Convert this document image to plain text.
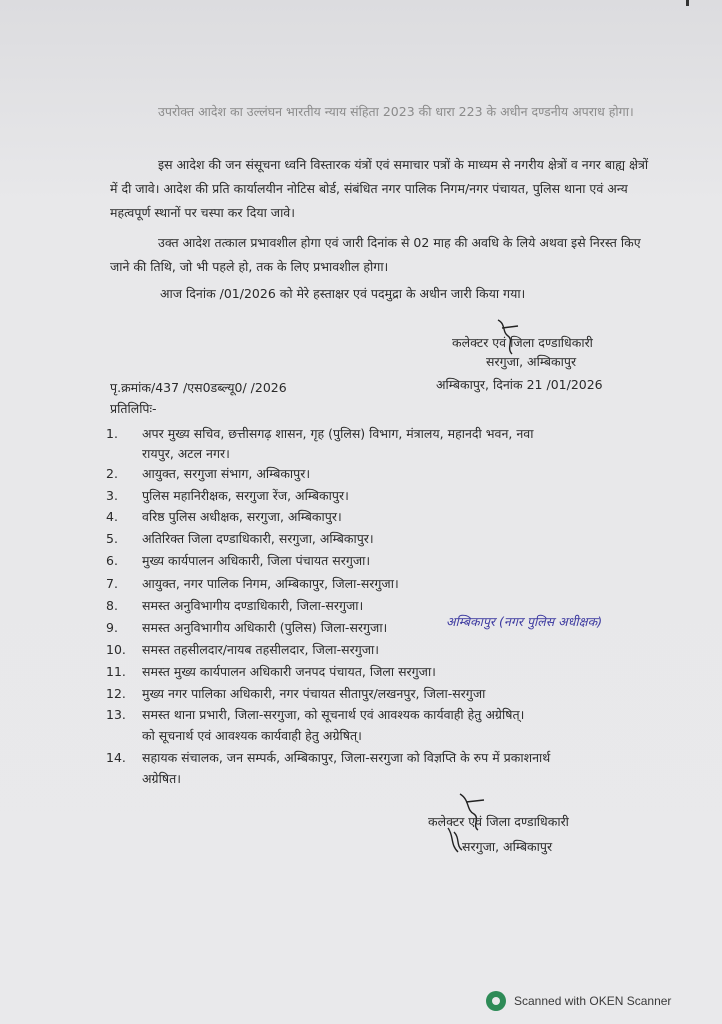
उपरोक्त आदेश का उल्लंघन भारतीय न्याय संहिता 2023 की धारा 223 के अधीन दण्डनीय अपराध होगा।
इस आदेश की जन संसूचना ध्वनि विस्तारक यंत्रों एवं समाचार पत्रों के माध्यम से नगरीय क्षेत्रों व नगर बाह्य क्षेत्रों में दी जावे। आदेश की प्रति कार्यालयीन नोटिस बोर्ड, संबंधित नगर पालिक निगम/नगर पंचायत, पुलिस थाना एवं अन्य महत्वपूर्ण स्थानों पर चस्पा कर दिया जावे।
उक्त आदेश तत्काल प्रभावशील होगा एवं जारी दिनांक से 02 माह की अवधि के लिये अथवा इसे निरस्त किए जाने की तिथि, जो भी पहले हो, तक के लिए प्रभावशील होगा।
आज दिनांक /01/2026 को मेरे हस्ताक्षर एवं पदमुद्रा के अधीन जारी किया गया।
कलेक्टर एवं जिला दण्डाधिकारी
सरगुजा, अम्बिकापुर
पृ.क्रमांक/437 /एस0डब्ल्यू0/ /2026	अम्बिकापुर, दिनांक 21 /01/2026
प्रतिलिपिः-
1.	अपर मुख्य सचिव, छत्तीसगढ़ शासन, गृह (पुलिस) विभाग, मंत्रालय, महानदी भवन, नवा
रायपुर, अटल नगर।
2.	आयुक्त, सरगुजा संभाग, अम्बिकापुर।
3.	पुलिस महानिरीक्षक, सरगुजा रेंज, अम्बिकापुर।
4.	वरिष्ठ पुलिस अधीक्षक, सरगुजा, अम्बिकापुर।
5.	अतिरिक्त जिला दण्डाधिकारी, सरगुजा, अम्बिकापुर।
6.	मुख्य कार्यपालन अधिकारी, जिला पंचायत सरगुजा।
7.	आयुक्त, नगर पालिक निगम, अम्बिकापुर, जिला-सरगुजा।
8.	समस्त अनुविभागीय दण्डाधिकारी, जिला-सरगुजा।
9.	समस्त अनुविभागीय अधिकारी (पुलिस) जिला-सरगुजा।	अम्बिकापुर (नगर पुलिस अधीक्षक)
10.	समस्त तहसीलदार/नायब तहसीलदार, जिला-सरगुजा।
11.	समस्त मुख्य कार्यपालन अधिकारी जनपद पंचायत, जिला सरगुजा।
12.	मुख्य नगर पालिका अधिकारी, नगर पंचायत सीतापुर/लखनपुर, जिला-सरगुजा
13.	समस्त थाना प्रभारी, जिला-सरगुजा, को सूचनार्थ एवं आवश्यक कार्यवाही हेतु अग्रेषित्।
को सूचनार्थ एवं आवश्यक कार्यवाही हेतु अग्रेषित्।
14.	सहायक संचालक, जन सम्पर्क, अम्बिकापुर, जिला-सरगुजा को विज्ञप्ति के रुप में प्रकाशनार्थ
अग्रेषित।
कलेक्टर एवं जिला दण्डाधिकारी
सरगुजा, अम्बिकापुर
Scanned with OKEN Scanner
